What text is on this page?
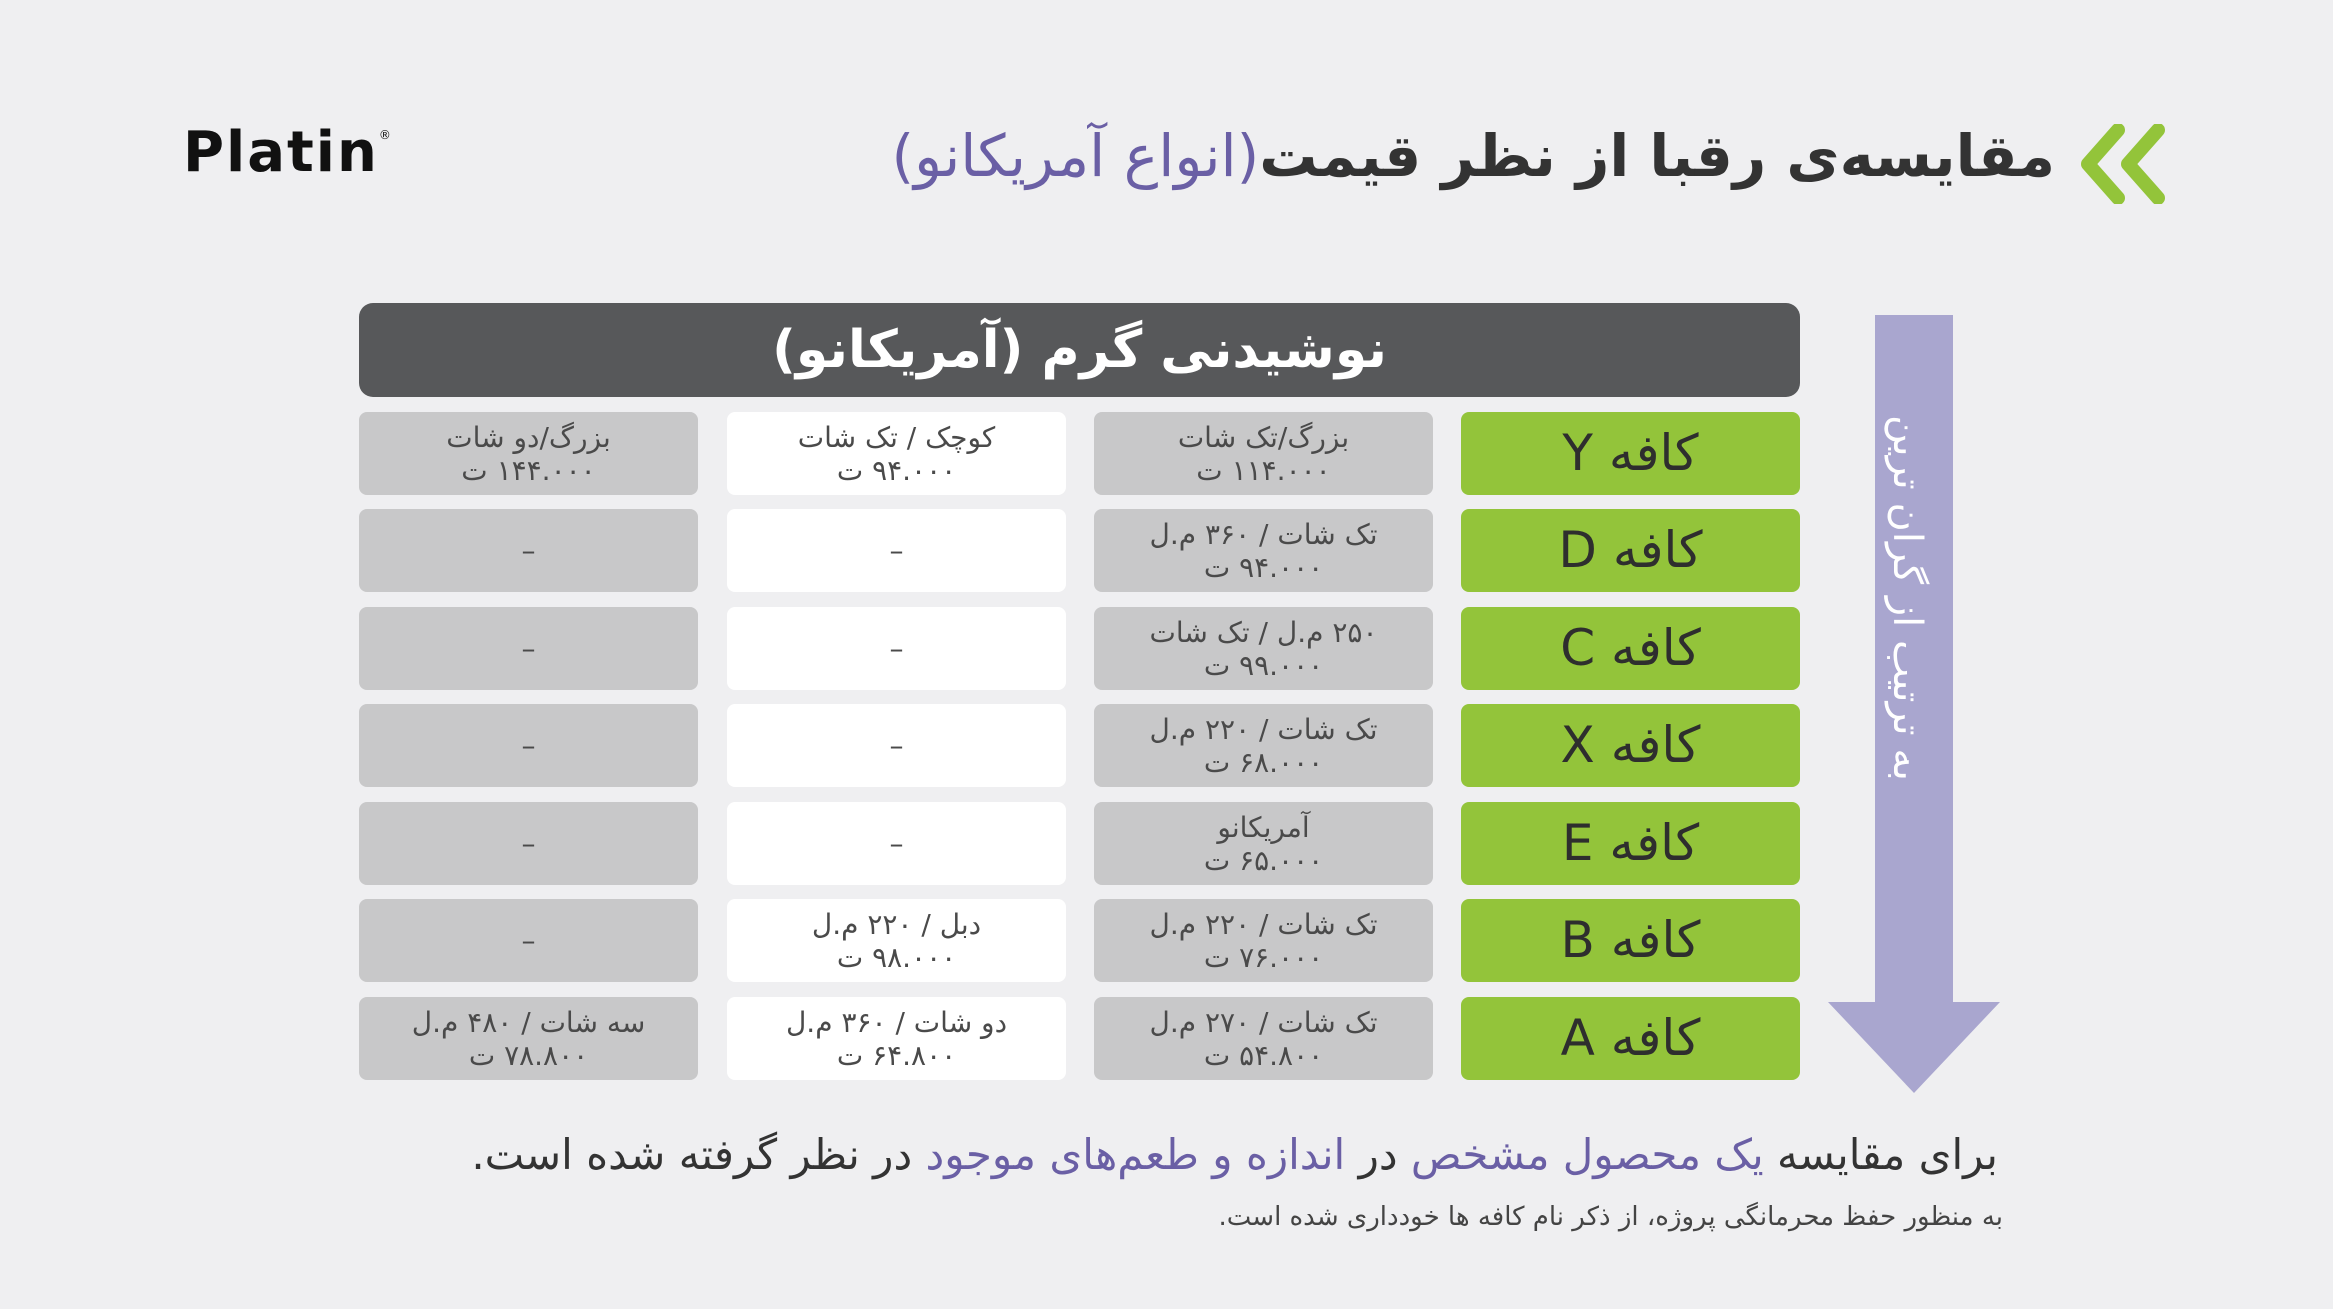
Platin®	مقایسه‌ی رقبا از نظر قیمت(انواع آمریکانو)
نوشیدنی گرم (آمریکانو)
کافه Y
بزرگ/تک شات
۱۱۴.۰۰۰ ت
کوچک / تک شات
۹۴.۰۰۰ ت
بزرگ/دو شات
۱۴۴.۰۰۰ ت
کافه D
تک شات / ۳۶۰ م.ل
۹۴.۰۰۰ ت
–
–
کافه C
۲۵۰ م.ل / تک شات
۹۹.۰۰۰ ت
–
–
کافه X
تک شات / ۲۲۰ م.ل
۶۸.۰۰۰ ت
–
–
کافه E
آمریکانو
۶۵.۰۰۰ ت
–
–
کافه B
تک شات / ۲۲۰ م.ل
۷۶.۰۰۰ ت
دبل / ۲۲۰ م.ل
۹۸.۰۰۰ ت
–
کافه A
تک شات / ۲۷۰ م.ل
۵۴.۸۰۰ ت
دو شات / ۳۶۰ م.ل
۶۴.۸۰۰ ت
سه شات / ۴۸۰ م.ل
۷۸.۸۰۰ ت
به ترتیب از گران ترین
برای مقایسه یک محصول مشخص در اندازه و طعم‌های موجود در نظر گرفته شده است.
به منظور حفظ محرمانگی پروژه، از ذکر نام کافه ها خودداری شده است.
